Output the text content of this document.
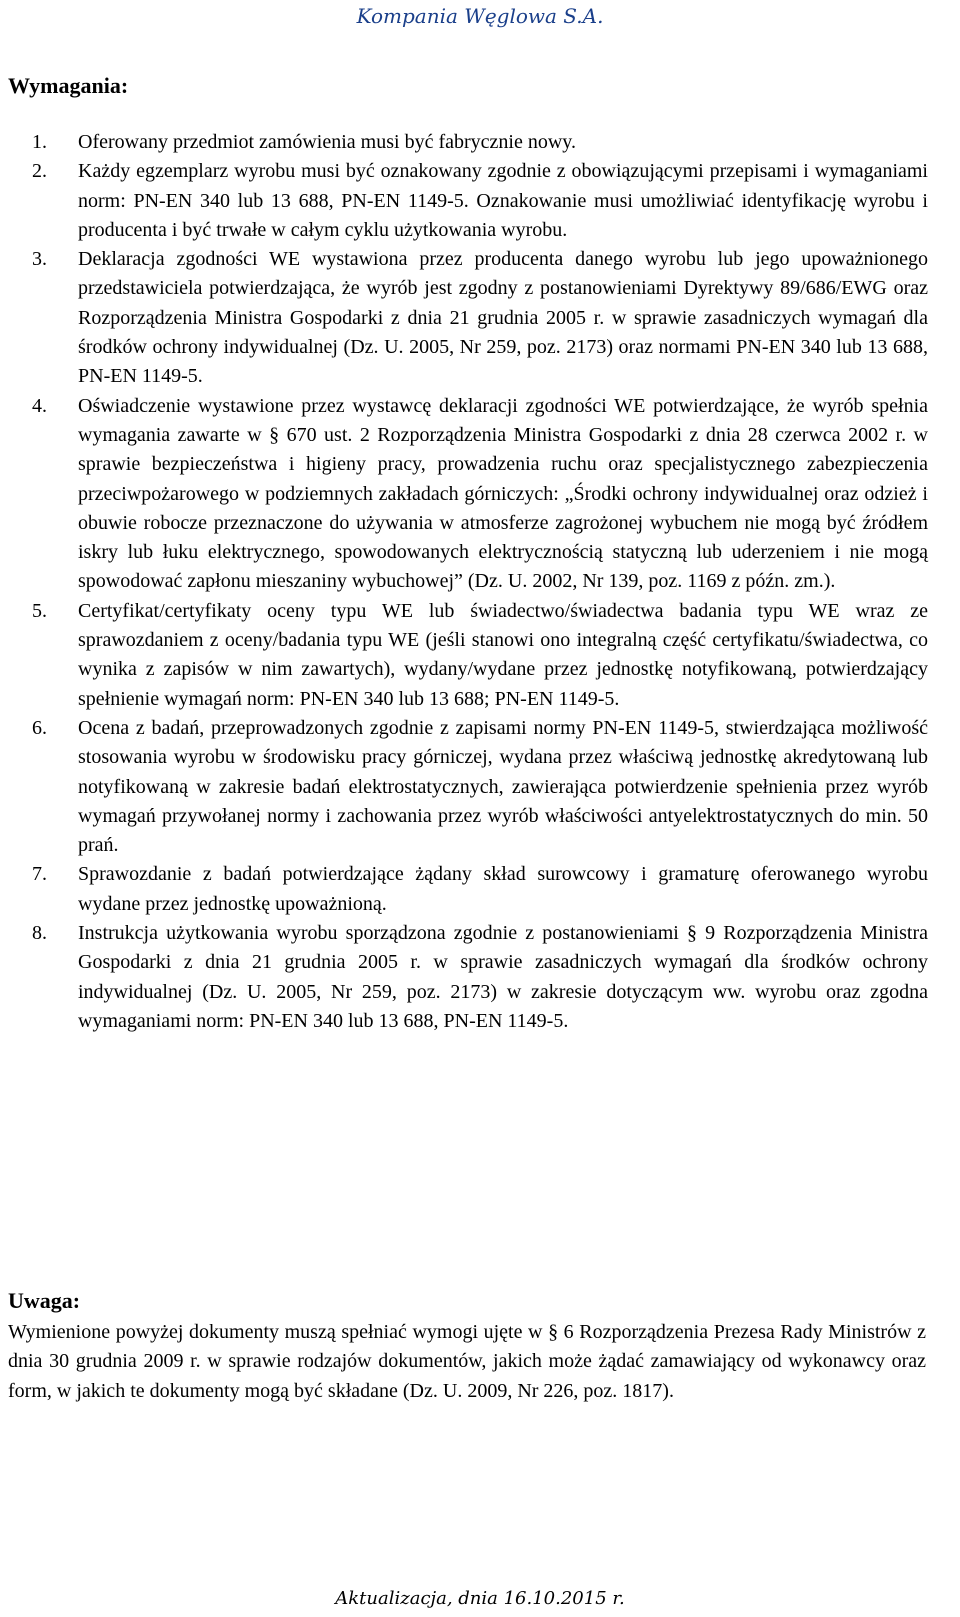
Kompania Węglowa S.A.
Wymagania:
1.	Oferowany przedmiot zamówienia musi być fabrycznie nowy.
2.	Każdy egzemplarz wyrobu musi być oznakowany zgodnie z obowiązującymi przepisami i wymaganiami norm: PN-EN 340 lub 13 688, PN-EN 1149-5. Oznakowanie musi umożliwiać identyfikację wyrobu i producenta i być trwałe w całym cyklu użytkowania wyrobu.
3.	Deklaracja zgodności WE wystawiona przez producenta danego wyrobu lub jego upoważnionego przedstawiciela potwierdzająca, że wyrób jest zgodny z postanowieniami Dyrektywy 89/686/EWG oraz Rozporządzenia Ministra Gospodarki z dnia 21 grudnia 2005 r. w sprawie zasadniczych wymagań dla środków ochrony indywidualnej (Dz. U. 2005, Nr 259, poz. 2173) oraz normami PN-EN 340 lub 13 688, PN-EN 1149-5.
4.	Oświadczenie wystawione przez wystawcę deklaracji zgodności WE potwierdzające, że wyrób spełnia wymagania zawarte w § 670 ust. 2 Rozporządzenia Ministra Gospodarki z dnia 28 czerwca 2002 r. w sprawie bezpieczeństwa i higieny pracy, prowadzenia ruchu oraz specjalistycznego zabezpieczenia przeciwpożarowego w podziemnych zakładach górniczych: „Środki ochrony indywidualnej oraz odzież i obuwie robocze przeznaczone do używania w atmosferze zagrożonej wybuchem nie mogą być źródłem iskry lub łuku elektrycznego, spowodowanych elektrycznością statyczną lub uderzeniem i nie mogą spowodować zapłonu mieszaniny wybuchowej” (Dz. U. 2002, Nr 139, poz. 1169 z późn. zm.).
5.	Certyfikat/certyfikaty oceny typu WE lub świadectwo/świadectwa badania typu WE wraz ze sprawozdaniem z oceny/badania typu WE (jeśli stanowi ono integralną część certyfikatu/świadectwa, co wynika z zapisów w nim zawartych), wydany/wydane przez jednostkę notyfikowaną, potwierdzający spełnienie wymagań norm: PN-EN 340 lub 13 688; PN-EN 1149-5.
6.	Ocena z badań, przeprowadzonych zgodnie z zapisami normy PN-EN 1149-5, stwierdzająca możliwość stosowania wyrobu w środowisku pracy górniczej, wydana przez właściwą jednostkę akredytowaną lub notyfikowaną w zakresie badań elektrostatycznych, zawierająca potwierdzenie spełnienia przez wyrób wymagań przywołanej normy i zachowania przez wyrób właściwości antyelektrostatycznych do min. 50 prań.
7.	Sprawozdanie z badań potwierdzające żądany skład surowcowy i gramaturę oferowanego wyrobu wydane przez jednostkę upoważnioną.
8.	Instrukcja użytkowania wyrobu sporządzona zgodnie z postanowieniami § 9 Rozporządzenia Ministra Gospodarki z dnia 21 grudnia 2005 r. w sprawie zasadniczych wymagań dla środków ochrony indywidualnej (Dz. U. 2005, Nr 259, poz. 2173) w zakresie dotyczącym ww. wyrobu oraz zgodna wymaganiami norm: PN-EN 340 lub 13 688, PN-EN 1149-5.
Uwaga:
Wymienione powyżej dokumenty muszą spełniać wymogi ujęte w § 6 Rozporządzenia Prezesa Rady Ministrów z dnia 30 grudnia 2009 r. w sprawie rodzajów dokumentów, jakich może żądać zamawiający od wykonawcy oraz form, w jakich te dokumenty mogą być składane (Dz. U. 2009, Nr 226, poz. 1817).
Aktualizacja, dnia 16.10.2015 r.
